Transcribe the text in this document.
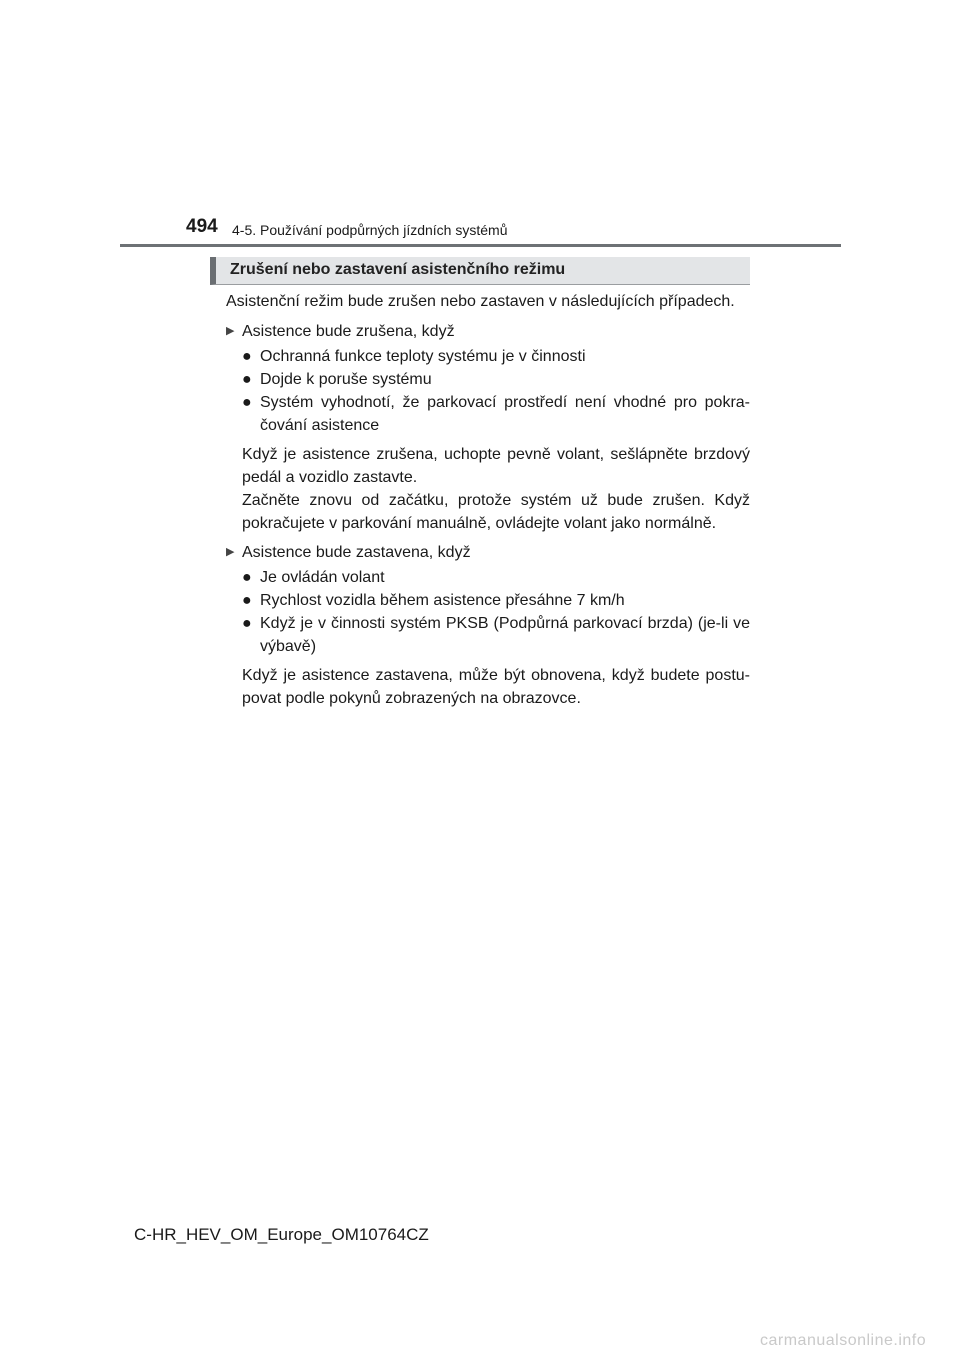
494 4-5. Používání podpůrných jízdních systémů
Zrušení nebo zastavení asistenčního režimu

Asistenční režim bude zrušen nebo zastaven v následujících případech.

▶ Asistence bude zrušena, když

● Ochranná funkce teploty systému je v činnosti

● Dojde k poruše systému

● Systém vyhodnotí, že parkovací prostředí není vhodné pro pokra-čování asistence

Když je asistence zrušena, uchopte pevně volant, sešlápněte brzdový pedál a vozidlo zastavte.
Začněte znovu od začátku, protože systém už bude zrušen. Když pokračujete v parkování manuálně, ovládejte volant jako normálně.

▶ Asistence bude zastavena, když

● Je ovládán volant

● Rychlost vozidla během asistence přesáhne 7 km/h

● Když je v činnosti systém PKSB (Podpůrná parkovací brzda) (je-li ve výbavě)

Když je asistence zastavena, může být obnovena, když budete postu-povat podle pokynů zobrazených na obrazovce.
C-HR_HEV_OM_Europe_OM10764CZ
carmanualsonline.info
